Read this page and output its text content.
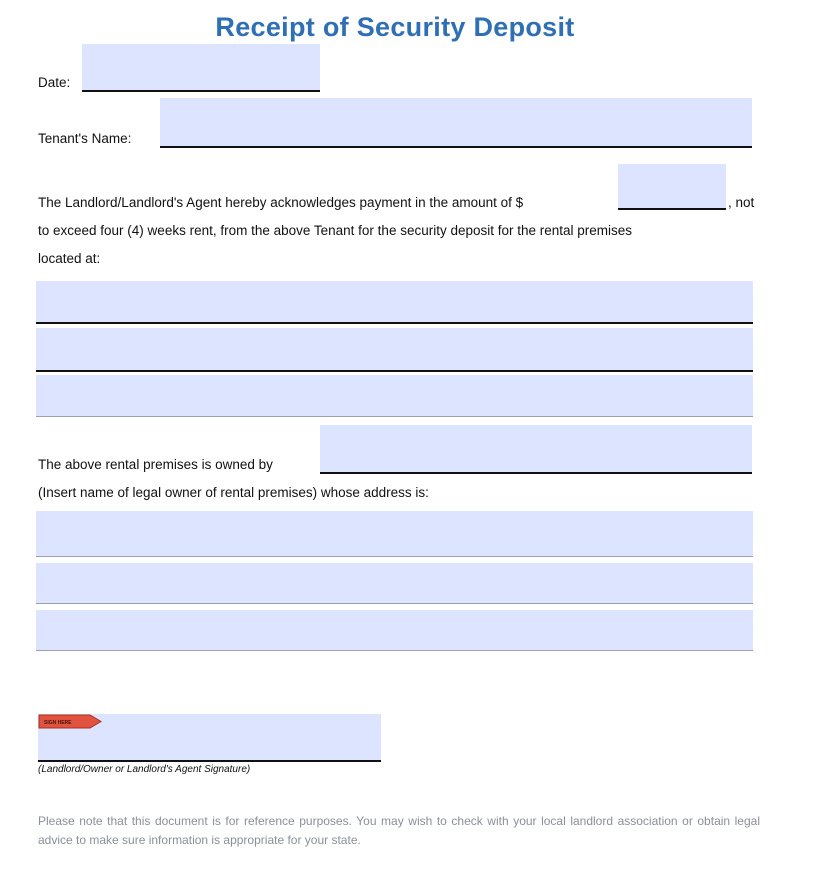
Receipt of Security Deposit
Date:
Tenant's Name:
The Landlord/Landlord's Agent hereby acknowledges payment in the amount of $	, not
to exceed four (4) weeks rent, from the above Tenant for the security deposit for the rental premises
located at:
The above rental premises is owned by
(Insert name of legal owner of rental premises) whose address is:
SIGN HERE
(Landlord/Owner or Landlord's Agent Signature)
Please note that this document is for reference purposes. You may wish to check with your local landlord association or obtain legal advice to make sure information is appropriate for your state.
